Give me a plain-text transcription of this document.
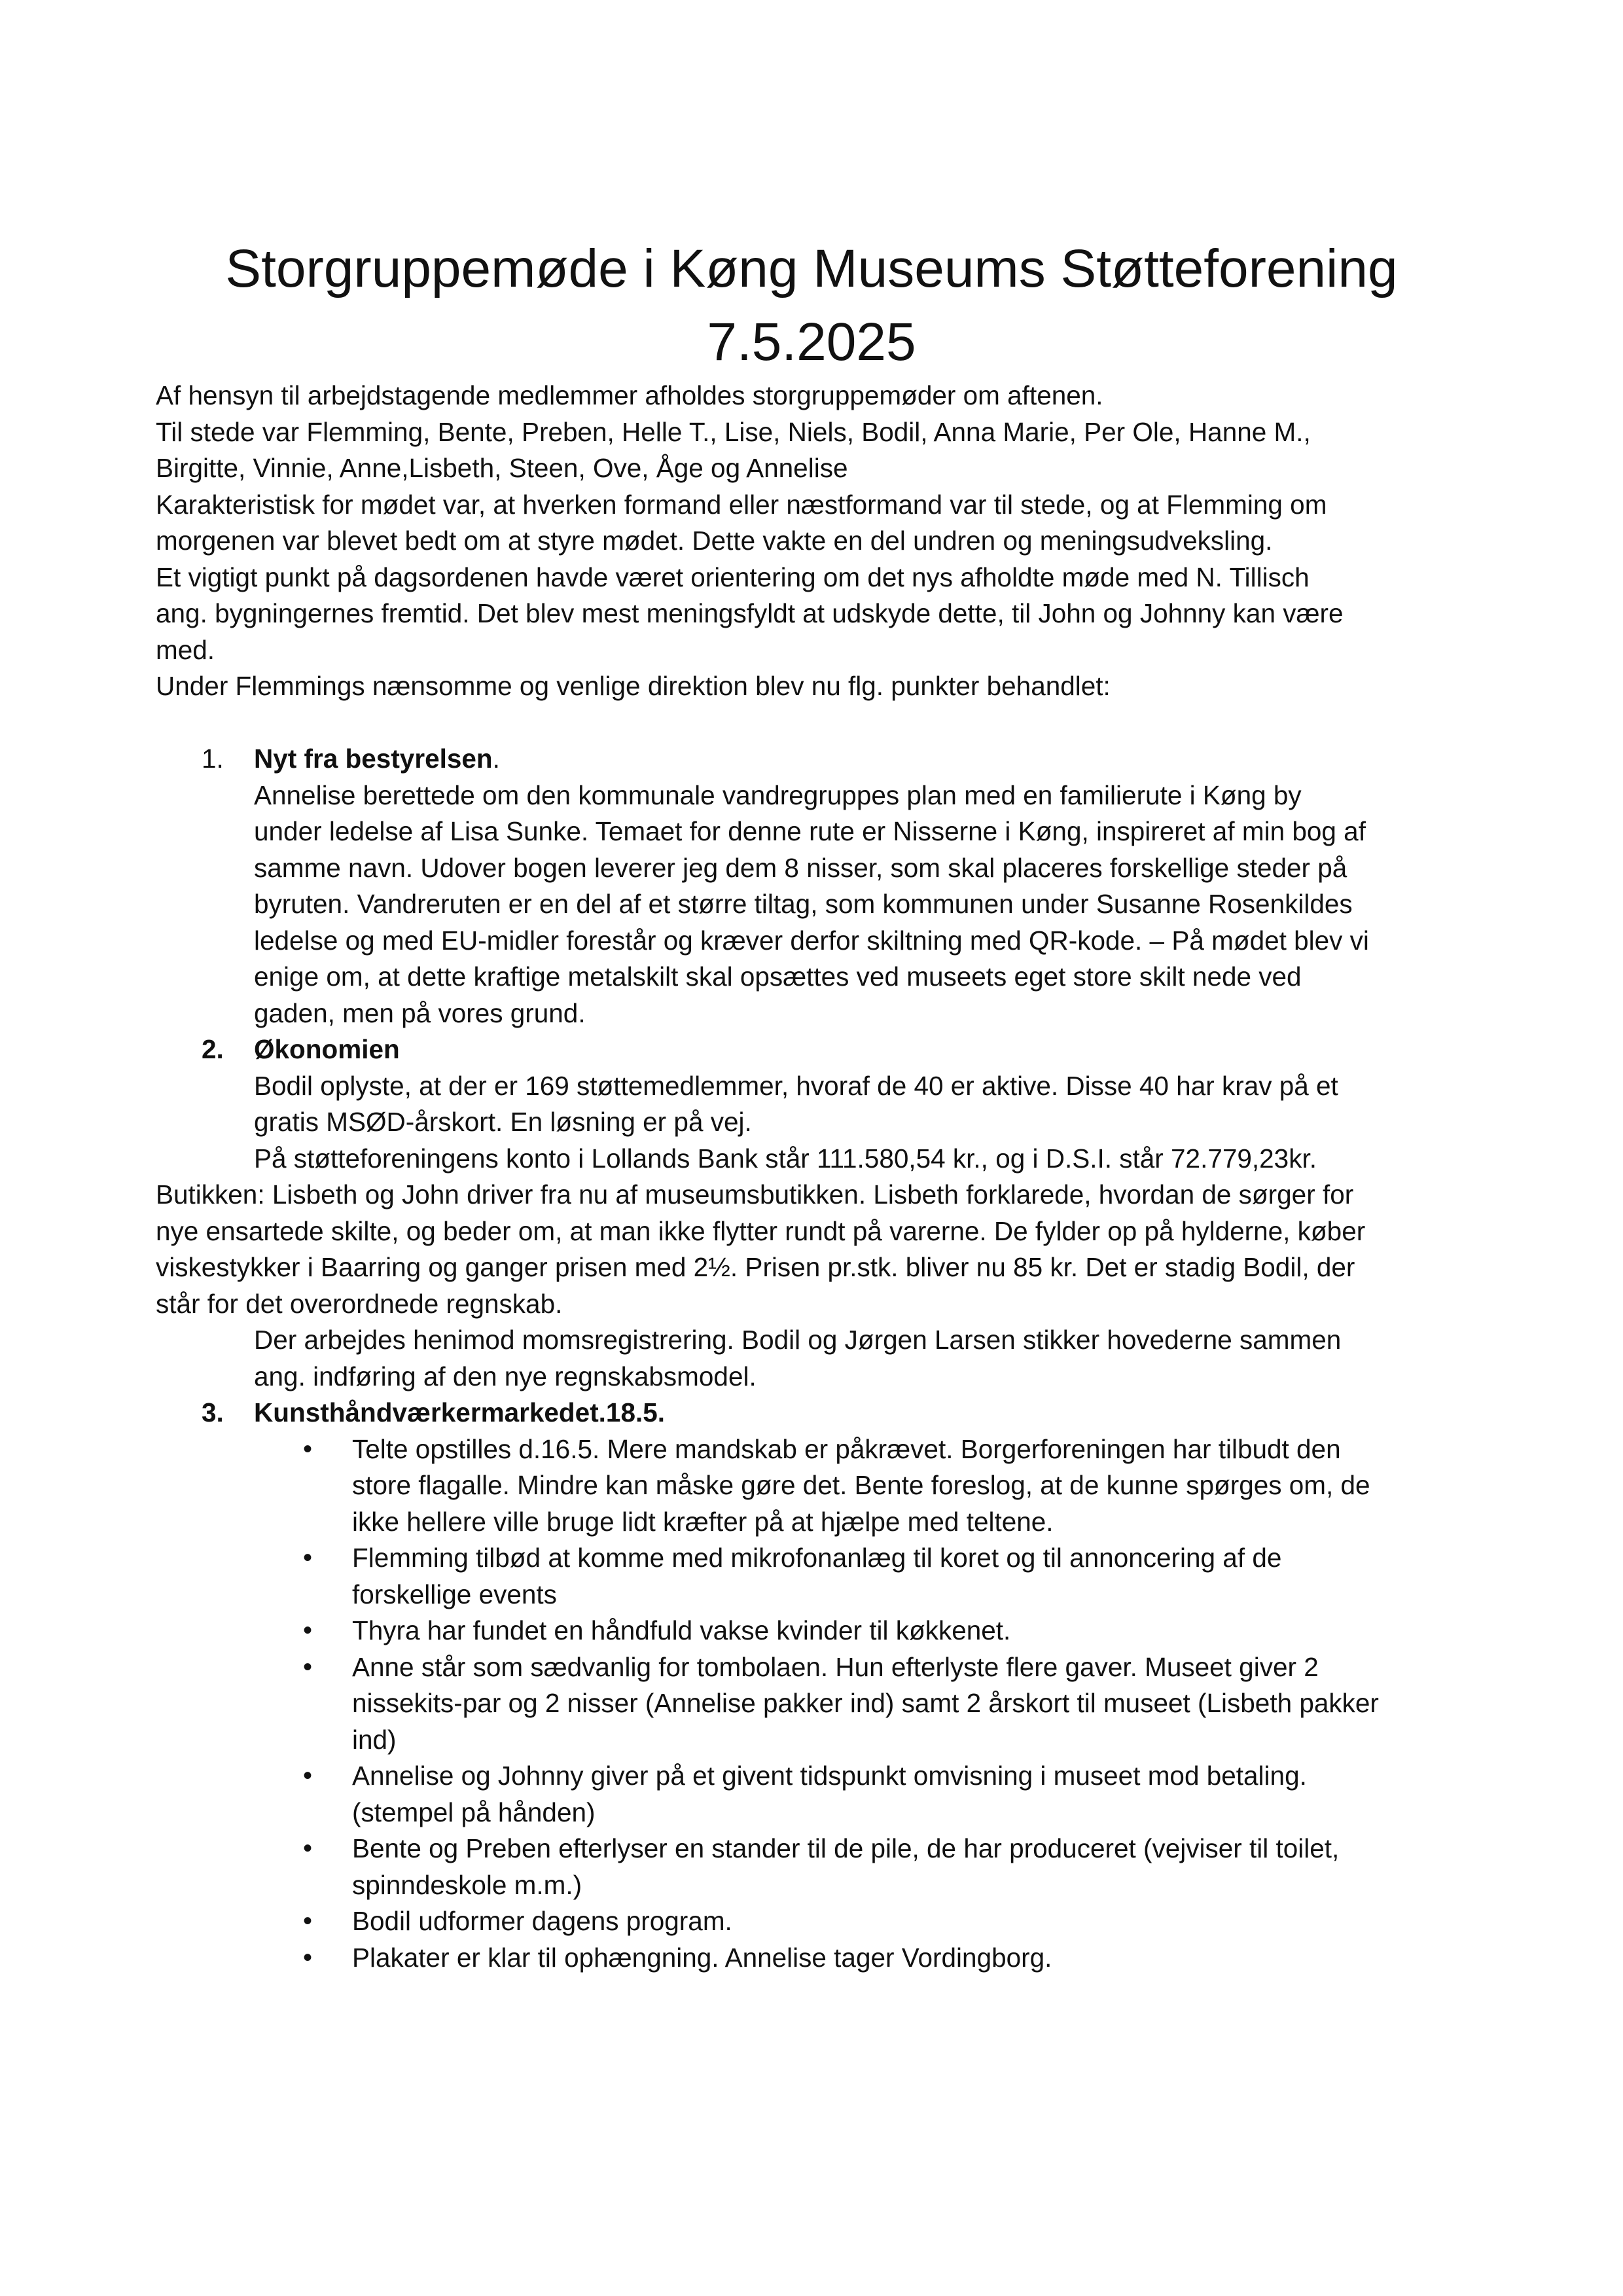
Storgruppemøde i Køng Museums Støtteforening
7.5.2025

Af hensyn til arbejdstagende medlemmer afholdes storgruppemøder om aftenen.

Til stede var Flemming, Bente, Preben, Helle T., Lise, Niels, Bodil, Anna Marie, Per Ole, Hanne M.,

Birgitte, Vinnie, Anne,Lisbeth, Steen, Ove, Åge og Annelise

Karakteristisk for mødet var, at hverken formand eller næstformand var til stede, og at Flemming om

morgenen var blevet bedt om at styre mødet. Dette vakte en del undren og meningsudveksling.

Et vigtigt punkt på dagsordenen havde været orientering om det nys afholdte møde med N. Tillisch

ang. bygningernes fremtid. Det blev mest meningsfyldt at udskyde dette, til John og Johnny kan være

med.

Under Flemmings nænsomme og venlige direktion blev nu flg. punkter behandlet:

1.	Nyt fra bestyrelsen.

Annelise berettede om den kommunale vandregruppes plan med en familierute i Køng by

under ledelse af Lisa Sunke. Temaet for denne rute er Nisserne i Køng, inspireret af min bog af

samme navn. Udover bogen leverer jeg dem 8 nisser, som skal placeres forskellige steder på

byruten. Vandreruten er en del af et større tiltag, som kommunen under Susanne Rosenkildes

ledelse og med EU-midler forestår og kræver derfor skiltning med QR-kode. – På mødet blev vi

enige om, at dette kraftige metalskilt skal opsættes ved museets eget store skilt nede ved

gaden, men på vores grund.

2.	Økonomien

Bodil oplyste, at der er 169 støttemedlemmer, hvoraf de 40 er aktive. Disse 40 har krav på et

gratis MSØD-årskort. En løsning er på vej.

På støtteforeningens konto i Lollands Bank står 111.580,54 kr., og i D.S.I. står 72.779,23kr.

Butikken: Lisbeth og John driver fra nu af museumsbutikken. Lisbeth forklarede, hvordan de sørger for

nye ensartede skilte, og beder om, at man ikke flytter rundt på varerne. De fylder op på hylderne, køber

viskestykker i Baarring og ganger prisen med 2½. Prisen pr.stk. bliver nu 85 kr. Det er stadig Bodil, der

står for det overordnede regnskab.

Der arbejdes henimod momsregistrering. Bodil og Jørgen Larsen stikker hovederne sammen

ang. indføring af den nye regnskabsmodel.

3.	Kunsthåndværkermarkedet.18.5.

•	Telte opstilles d.16.5. Mere mandskab er påkrævet. Borgerforeningen har tilbudt den

store flagalle. Mindre kan måske gøre det. Bente foreslog, at de kunne spørges om, de

ikke hellere ville bruge lidt kræfter på at hjælpe med teltene.

•	Flemming tilbød at komme med mikrofonanlæg til koret og til annoncering af de

forskellige events

•	Thyra har fundet en håndfuld vakse kvinder til køkkenet.

•	Anne står som sædvanlig for tombolaen. Hun efterlyste flere gaver. Museet giver 2

nissekits-par og 2 nisser (Annelise pakker ind) samt 2 årskort til museet (Lisbeth pakker

ind)

•	Annelise og Johnny giver på et givent tidspunkt omvisning i museet mod betaling.

(stempel på hånden)

•	Bente og Preben efterlyser en stander til de pile, de har produceret (vejviser til toilet,

spinndeskole m.m.)

•	Bodil udformer dagens program.

•	Plakater er klar til ophængning. Annelise tager Vordingborg.
